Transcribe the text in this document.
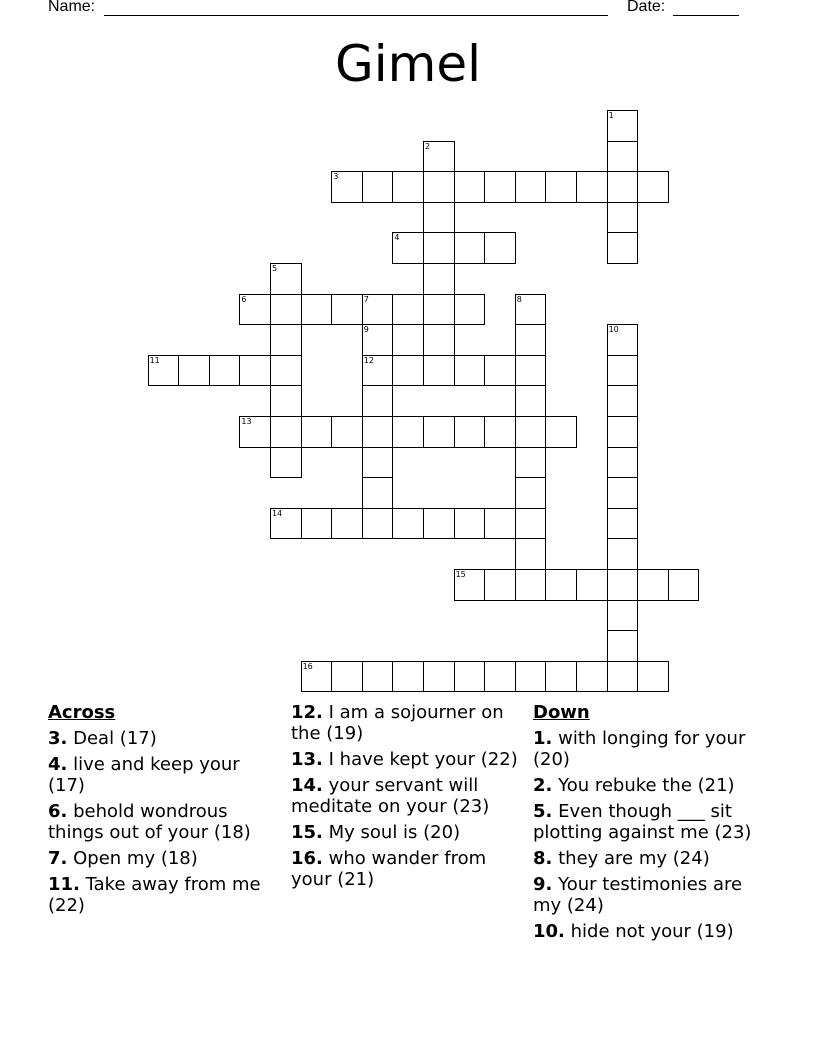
Name:	Date:
Gimel
1
2
3
4
5
6	7	8
9
12
10
11
13
14
15
16
Across
3. Deal (17)
4. live and keep your (17)
6. behold wondrous things out of your (18)
7. Open my (18)
11. Take away from me (22)
12. I am a sojourner on the (19)
13. I have kept your (22)
14. your servant will meditate on your (23)
15. My soul is (20)
16. who wander from your (21)
Down
1. with longing for your (20)
2. You rebuke the (21)
5. Even though ___ sit plotting against me (23)
8. they are my (24)
9. Your testimonies are my (24)
10. hide not your (19)
